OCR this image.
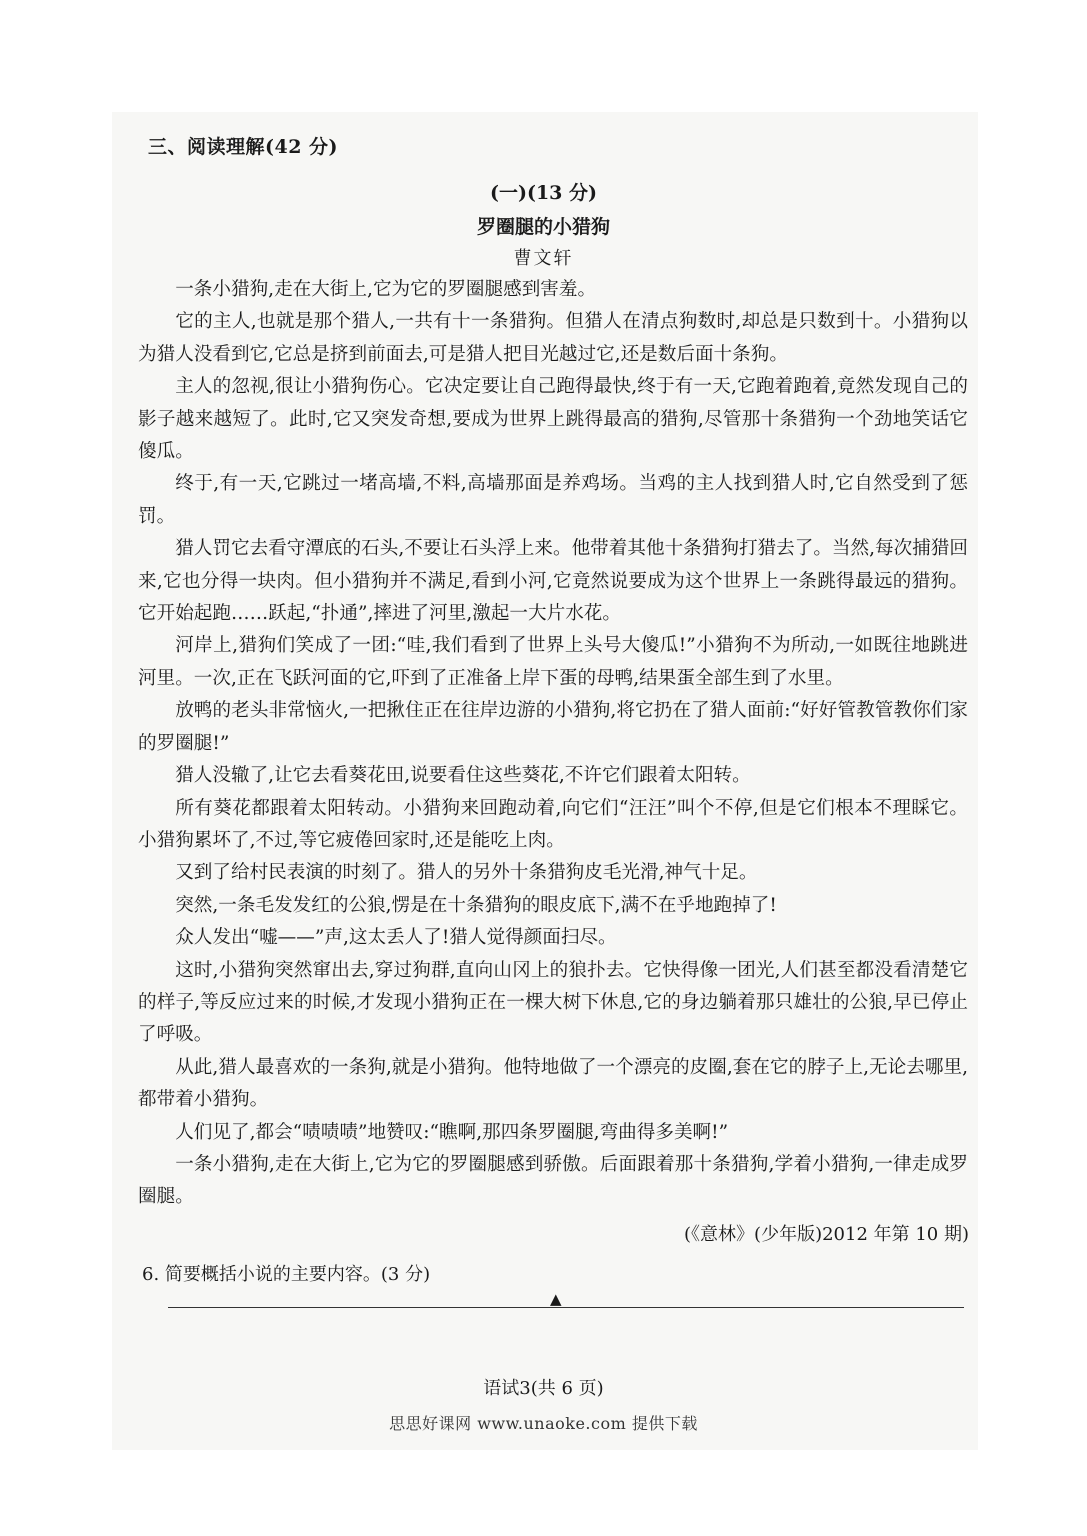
三、阅读理解(42 分)
(一)(13 分)
罗圈腿的小猎狗
曹文轩

一条小猎狗,走在大街上,它为它的罗圈腿感到害羞。

它的主人,也就是那个猎人,一共有十一条猎狗。但猎人在清点狗数时,却总是只数到十。小猎狗以为猎人没看到它,它总是挤到前面去,可是猎人把目光越过它,还是数后面十条狗。

主人的忽视,很让小猎狗伤心。它决定要让自己跑得最快,终于有一天,它跑着跑着,竟然发现自己的影子越来越短了。此时,它又突发奇想,要成为世界上跳得最高的猎狗,尽管那十条猎狗一个劲地笑话它傻瓜。

终于,有一天,它跳过一堵高墙,不料,高墙那面是养鸡场。当鸡的主人找到猎人时,它自然受到了惩罚。

猎人罚它去看守潭底的石头,不要让石头浮上来。他带着其他十条猎狗打猎去了。当然,每次捕猎回来,它也分得一块肉。但小猎狗并不满足,看到小河,它竟然说要成为这个世界上一条跳得最远的猎狗。它开始起跑……跃起,“扑通”,摔进了河里,激起一大片水花。

河岸上,猎狗们笑成了一团:“哇,我们看到了世界上头号大傻瓜!”小猎狗不为所动,一如既往地跳进河里。一次,正在飞跃河面的它,吓到了正准备上岸下蛋的母鸭,结果蛋全部生到了水里。

放鸭的老头非常恼火,一把揪住正在往岸边游的小猎狗,将它扔在了猎人面前:“好好管教管教你们家的罗圈腿!”

猎人没辙了,让它去看葵花田,说要看住这些葵花,不许它们跟着太阳转。

所有葵花都跟着太阳转动。小猎狗来回跑动着,向它们“汪汪”叫个不停,但是它们根本不理睬它。小猎狗累坏了,不过,等它疲倦回家时,还是能吃上肉。

又到了给村民表演的时刻了。猎人的另外十条猎狗皮毛光滑,神气十足。

突然,一条毛发发红的公狼,愣是在十条猎狗的眼皮底下,满不在乎地跑掉了!

众人发出“嘘——”声,这太丢人了!猎人觉得颜面扫尽。

这时,小猎狗突然窜出去,穿过狗群,直向山冈上的狼扑去。它快得像一团光,人们甚至都没看清楚它的样子,等反应过来的时候,才发现小猎狗正在一棵大树下休息,它的身边躺着那只雄壮的公狼,早已停止了呼吸。

从此,猎人最喜欢的一条狗,就是小猎狗。他特地做了一个漂亮的皮圈,套在它的脖子上,无论去哪里,都带着小猎狗。

人们见了,都会“啧啧啧”地赞叹:“瞧啊,那四条罗圈腿,弯曲得多美啊!”

一条小猎狗,走在大街上,它为它的罗圈腿感到骄傲。后面跟着那十条猎狗,学着小猎狗,一律走成罗圈腿。

(《意林》(少年版)2012 年第 10 期)
6. 简要概括小说的主要内容。(3 分)
▲
语试3(共 6 页)
思思好课网 www.unaoke.com 提供下载
